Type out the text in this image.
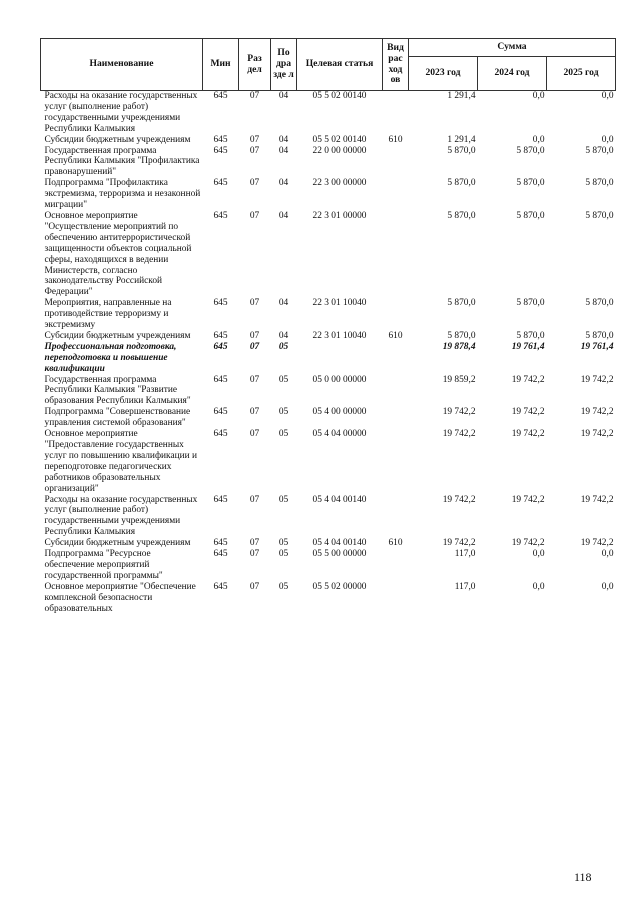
Наименование	Мин	Раз дел	По дра зде л	Целевая статья	Вид рас ход ов	Сумма		
						2023 год	2024 год	2025 год
Расходы на оказание государственных услуг (выполнение работ) государственными учреждениями Республики Калмыкия	645	07	04	05 5 02 00140		1 291,4	0,0	0,0
Субсидии бюджетным учреждениям	645	07	04	05 5 02 00140	610	1 291,4	0,0	0,0
Государственная программа Республики Калмыкия "Профилактика правонарушений"	645	07	04	22 0 00 00000		5 870,0	5 870,0	5 870,0
Подпрограмма "Профилактика экстремизма, терроризма и незаконной миграции"	645	07	04	22 3 00 00000		5 870,0	5 870,0	5 870,0
Основное мероприятие "Осуществление мероприятий по обеспечению антитеррористической защищенности объектов социальной сферы, находящихся в ведении Министерств, согласно законодательству Российской Федерации"	645	07	04	22 3 01 00000		5 870,0	5 870,0	5 870,0
Мероприятия, направленные на противодействие терроризму и экстремизму	645	07	04	22 3 01 10040		5 870,0	5 870,0	5 870,0
Субсидии бюджетным учреждениям	645	07	04	22 3 01 10040	610	5 870,0	5 870,0	5 870,0
Профессиональная подготовка, переподготовка и повышение квалификации	645	07	05			19 878,4	19 761,4	19 761,4
Государственная программа Республики Калмыкия "Развитие образования Республики Калмыкия"	645	07	05	05 0 00 00000		19 859,2	19 742,2	19 742,2
Подпрограмма "Совершенствование управления системой образования"	645	07	05	05 4 00 00000		19 742,2	19 742,2	19 742,2
Основное мероприятие "Предоставление государственных услуг по повышению квалификации и переподготовке педагогических работников образовательных организаций"	645	07	05	05 4 04 00000		19 742,2	19 742,2	19 742,2
Расходы на оказание государственных услуг (выполнение работ) государственными учреждениями Республики Калмыкия	645	07	05	05 4 04 00140		19 742,2	19 742,2	19 742,2
Субсидии бюджетным учреждениям	645	07	05	05 4 04 00140	610	19 742,2	19 742,2	19 742,2
Подпрограмма "Ресурсное обеспечение мероприятий государственной программы"	645	07	05	05 5 00 00000		117,0	0,0	0,0
Основное мероприятие "Обеспечение комплексной безопасности образовательных	645	07	05	05 5 02 00000		117,0	0,0	0,0
118
